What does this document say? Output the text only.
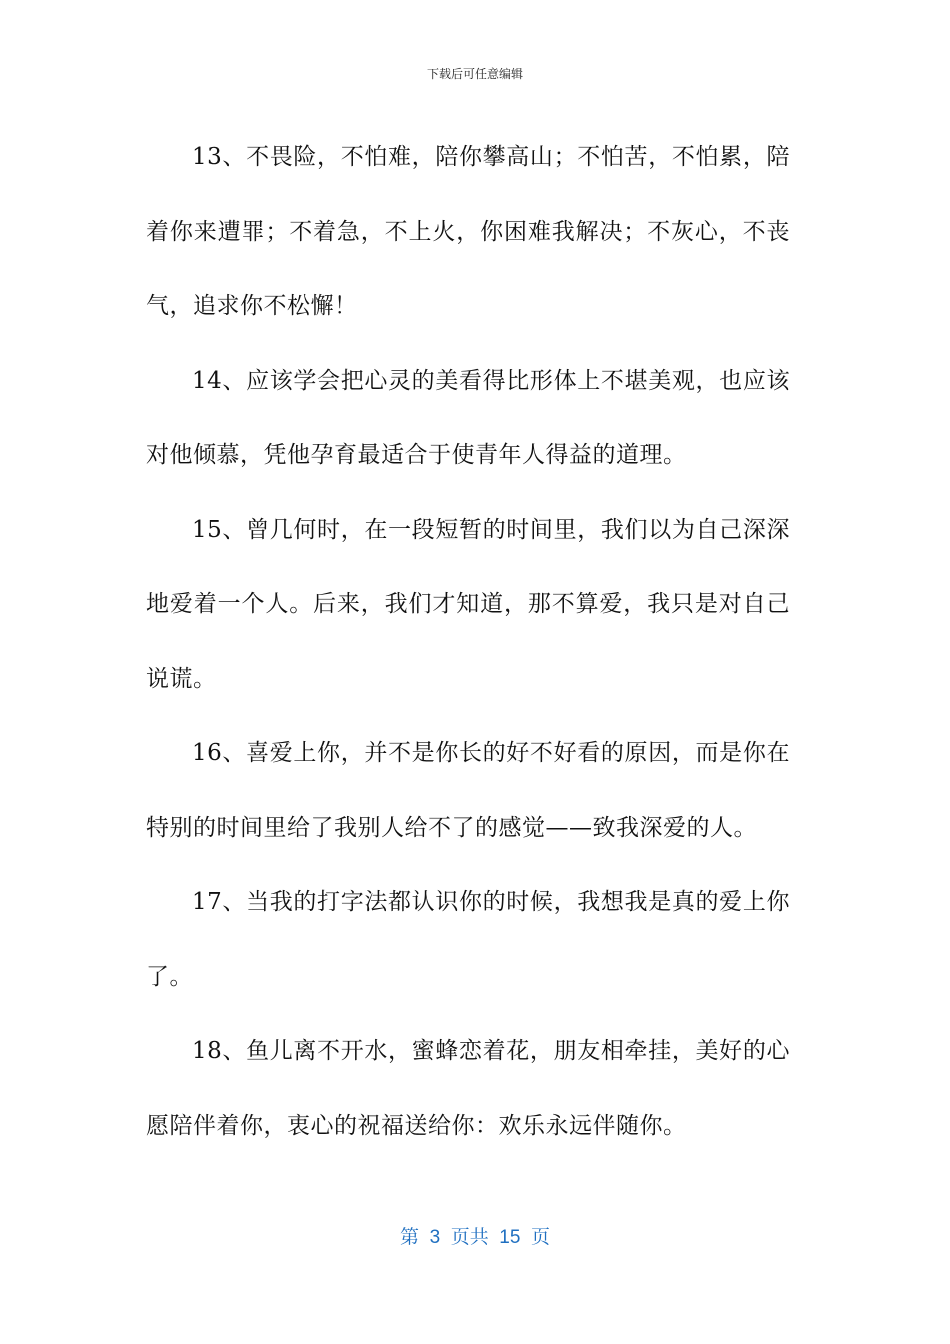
下载后可任意编辑

13、不畏险，不怕难，陪你攀高山；不怕苦，不怕累，陪着你来遭罪；不着急，不上火，你困难我解决；不灰心，不丧气，追求你不松懈！

14、应该学会把心灵的美看得比形体上不堪美观，也应该对他倾慕，凭他孕育最适合于使青年人得益的道理。

15、曾几何时，在一段短暂的时间里，我们以为自己深深地爱着一个人。后来，我们才知道，那不算爱，我只是对自己说谎。

16、喜爱上你，并不是你长的好不好看的原因，而是你在特别的时间里给了我别人给不了的感觉——致我深爱的人。

17、当我的打字法都认识你的时候，我想我是真的爱上你了。

18、鱼儿离不开水，蜜蜂恋着花，朋友相牵挂，美好的心愿陪伴着你，衷心的祝福送给你：欢乐永远伴随你。

第  3  页共  15  页
